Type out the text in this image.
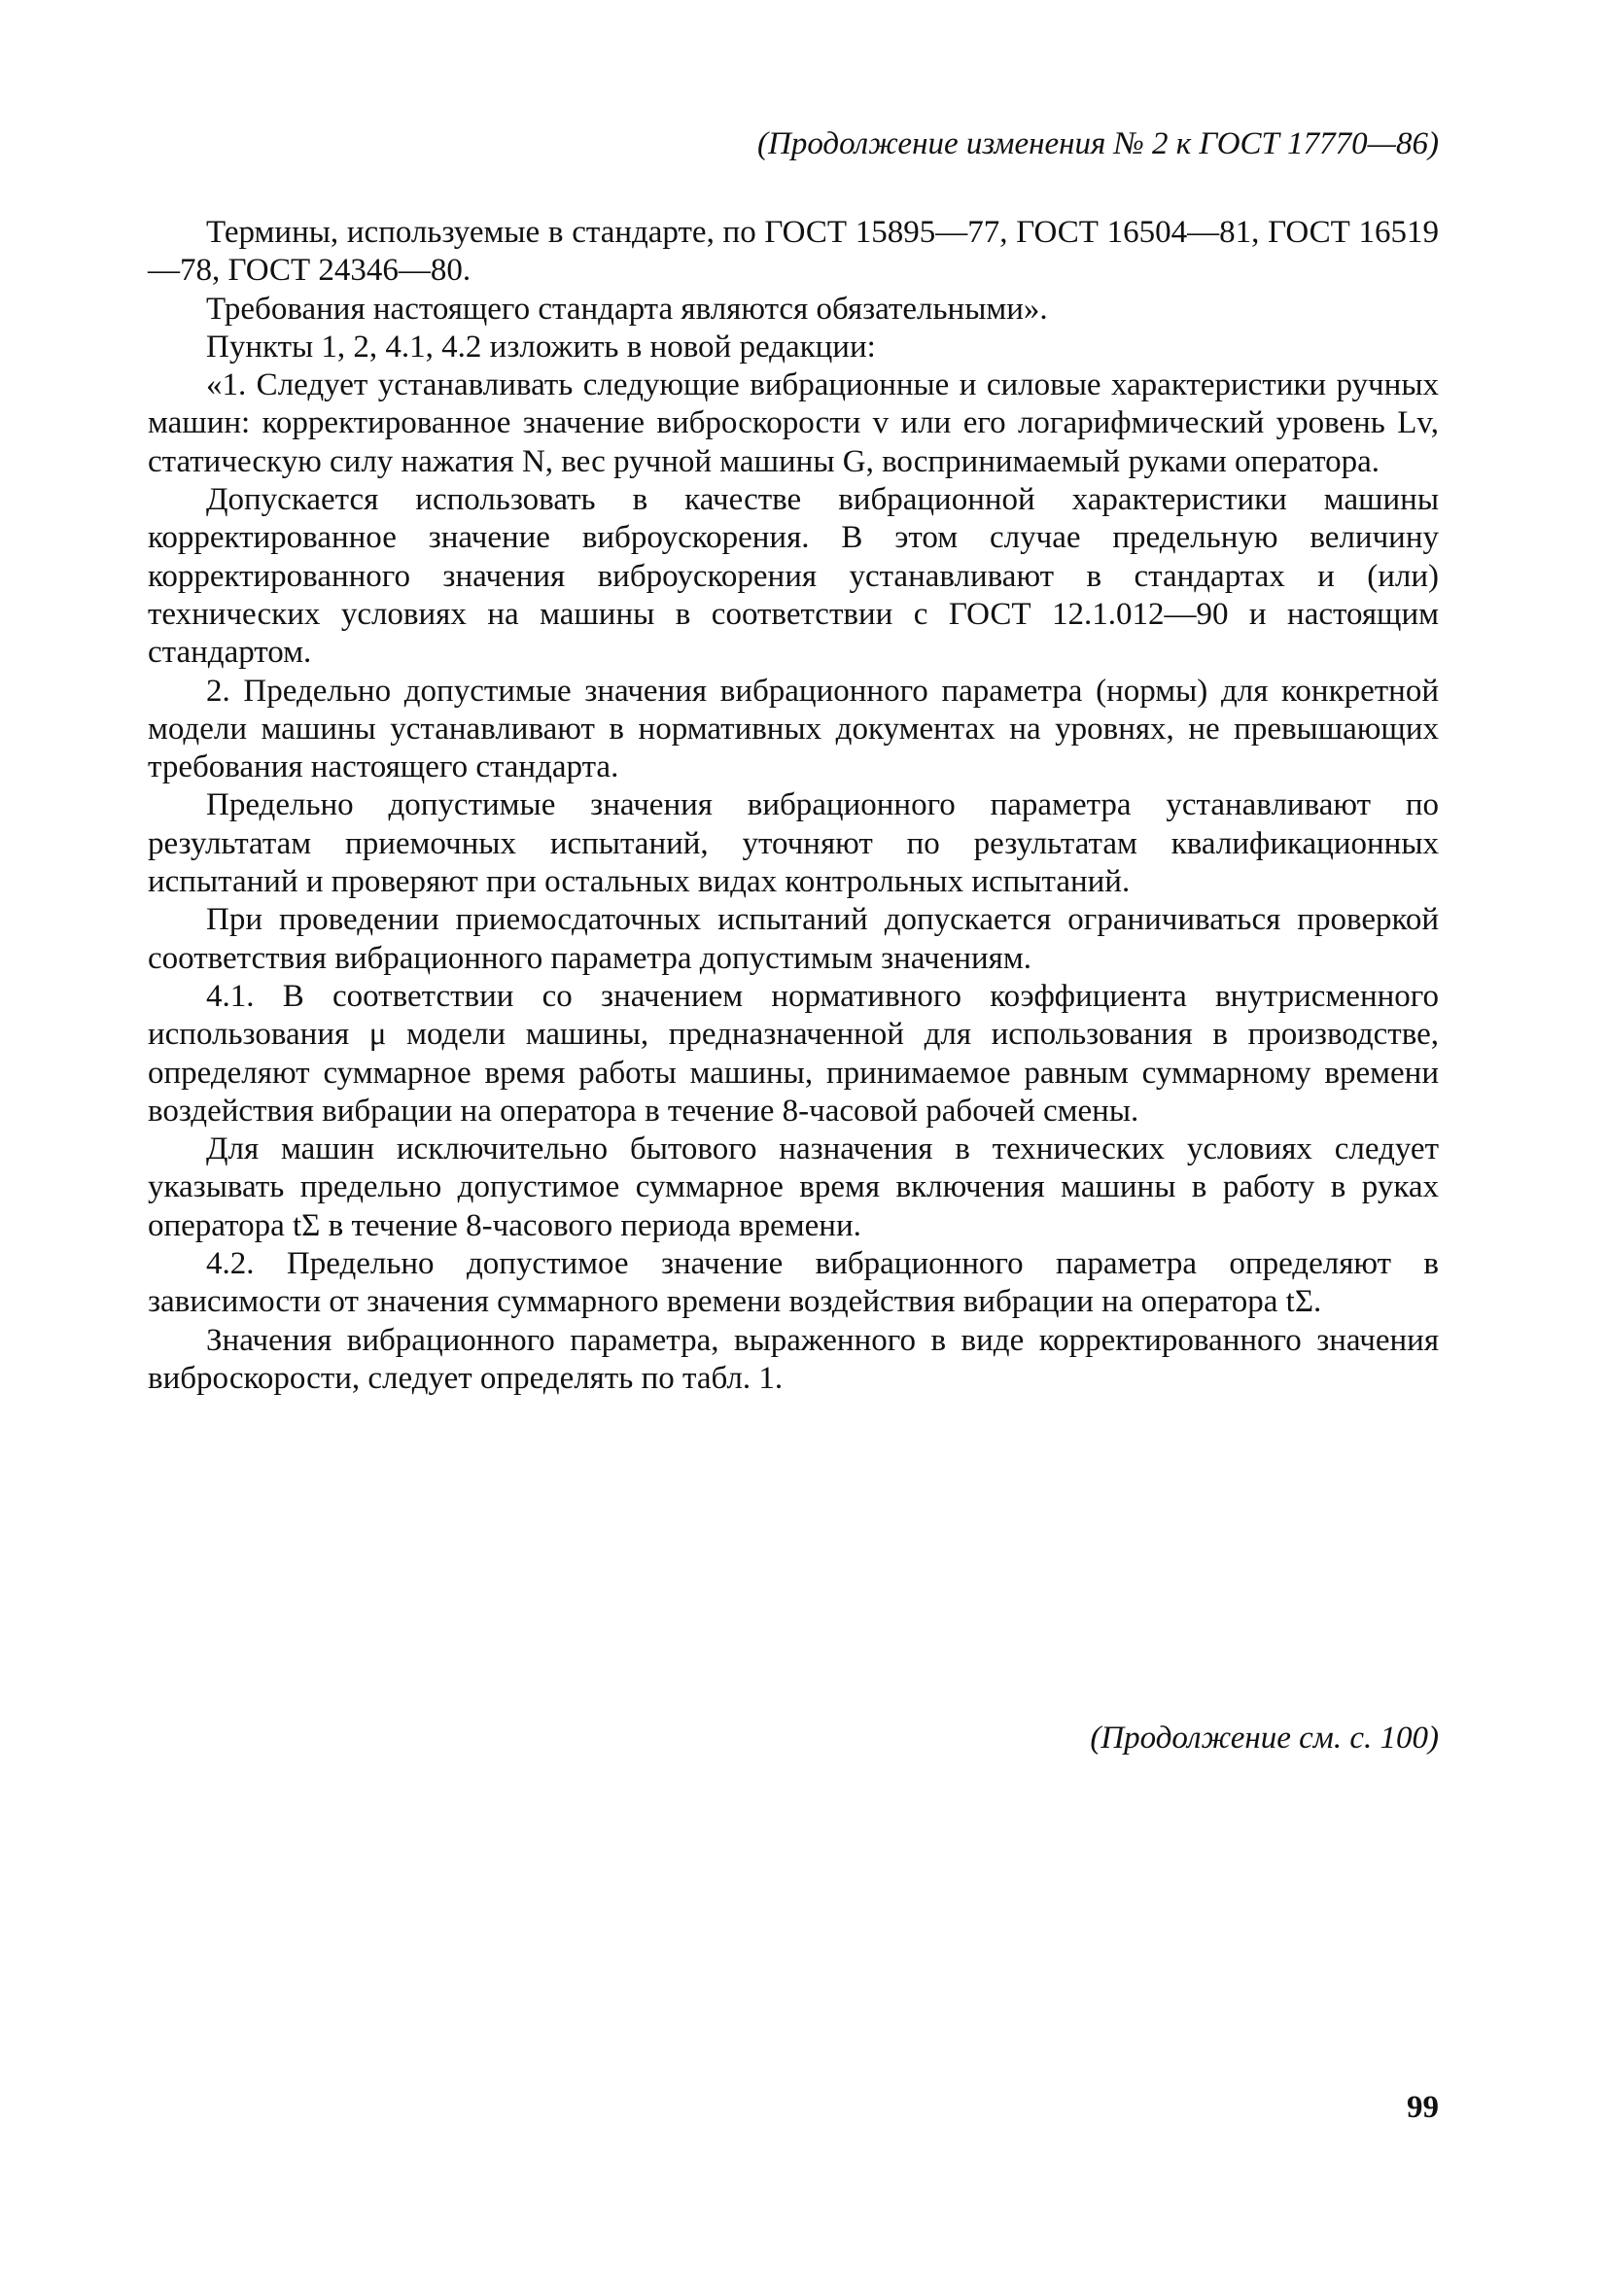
(Продолжение изменения № 2 к ГОСТ 17770—86)

Термины, используемые в стандарте, по ГОСТ 15895—77, ГОСТ 16504—81, ГОСТ 16519—78, ГОСТ 24346—80.

Требования настоящего стандарта являются обязательными».

Пункты 1, 2, 4.1, 4.2 изложить в новой редакции:

«1. Следует устанавливать следующие вибрационные и силовые характеристики ручных машин: корректированное значение виброскорости v или его логарифмический уровень Lv, статическую силу нажатия N, вес ручной машины G, воспринимаемый руками оператора.

Допускается использовать в качестве вибрационной характеристики машины корректированное значение виброускорения. В этом случае предельную величину корректированного значения виброускорения устанавливают в стандартах и (или) технических условиях на машины в соответствии с ГОСТ 12.1.012—90 и настоящим стандартом.

2. Предельно допустимые значения вибрационного параметра (нормы) для конкретной модели машины устанавливают в нормативных документах на уровнях, не превышающих требования настоящего стандарта.

Предельно допустимые значения вибрационного параметра устанавливают по результатам приемочных испытаний, уточняют по результатам квалификационных испытаний и проверяют при остальных видах контрольных испытаний.

При проведении приемосдаточных испытаний допускается ограничиваться проверкой соответствия вибрационного параметра допустимым значениям.

4.1. В соответствии со значением нормативного коэффициента внутрисменного использования μ модели машины, предназначенной для использования в производстве, определяют суммарное время работы машины, принимаемое равным суммарному времени воздействия вибрации на оператора в течение 8-часовой рабочей смены.

Для машин исключительно бытового назначения в технических условиях следует указывать предельно допустимое суммарное время включения машины в работу в руках оператора tΣ в течение 8-часового периода времени.

4.2. Предельно допустимое значение вибрационного параметра определяют в зависимости от значения суммарного времени воздействия вибрации на оператора tΣ.

Значения вибрационного параметра, выраженного в виде корректированного значения виброскорости, следует определять по табл. 1.

(Продолжение см. с. 100)
99
